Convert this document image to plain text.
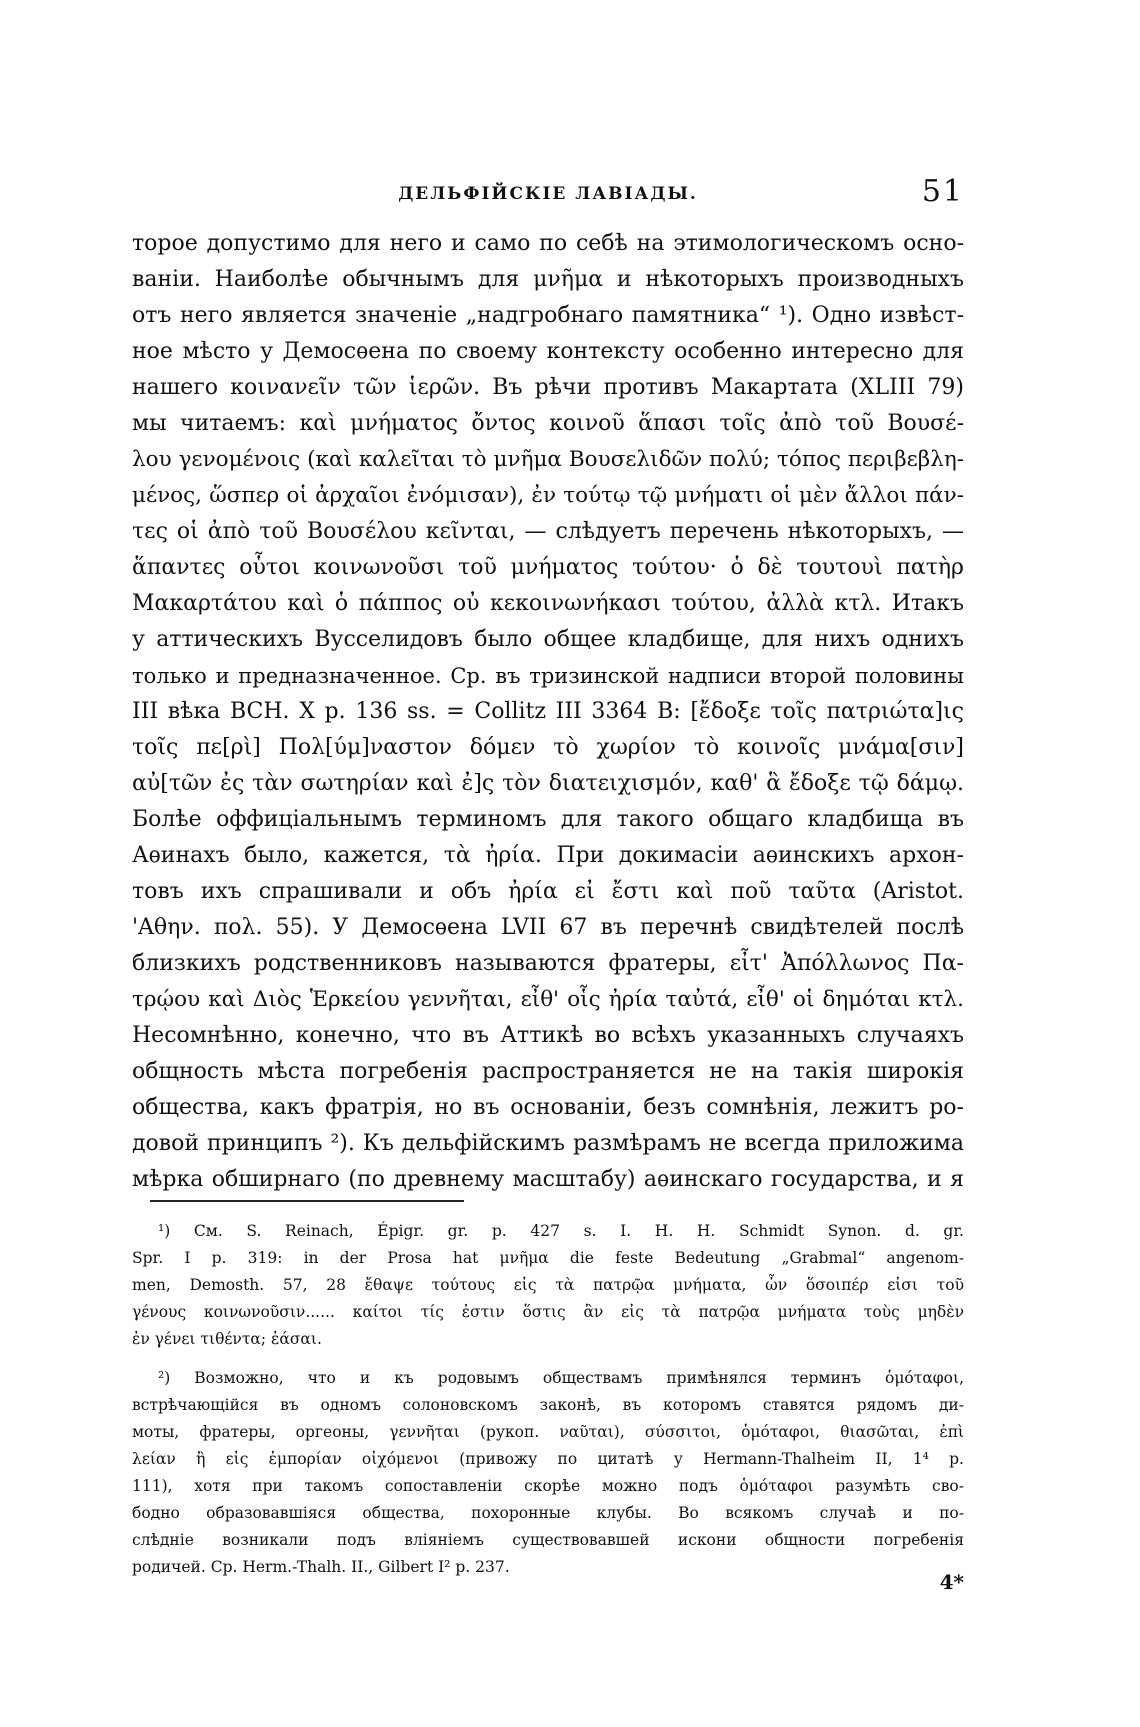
ДЕЛЬФІЙСКІЕ ЛАВІАДЫ.	51
торое допустимо для него и само по себѣ на этимологическомъ осно-
ваніи. Наиболѣе обычнымъ для μνῆμα и нѣкоторыхъ производныхъ
отъ него является значеніе „надгробнаго памятника“ ¹). Одно извѣст-
ное мѣсто у Демосѳена по своему контексту особенно интересно для
нашего κοινανεῖν τῶν ἱερῶν. Въ рѣчи противъ Макартата (XLIII 79)
мы читаемъ: καὶ μνήματος ὄντος κοινοῦ ἅπασι τοῖς ἀπὸ τοῦ Βουσέ-
λου γενομένοις (καὶ καλεῖται τὸ μνῆμα Βουσελιδῶν πολύ; τόπος περιβεβλη-
μένος, ὥσπερ οἱ ἀρχαῖοι ἐνόμισαν), ἐν τούτῳ τῷ μνήματι οἱ μὲν ἄλλοι πάν-
τες οἱ ἀπὸ τοῦ Βουσέλου κεῖνται, — слѣдуетъ перечень нѣкоторыхъ, —
ἅπαντες οὗτοι κοινωνοῦσι τοῦ μνήματος τούτου· ὁ δὲ τουτουὶ πατὴρ
Μακαρτάτου καὶ ὁ πάππος οὐ κεκοινωνήκασι τούτου, ἀλλὰ κτλ. Итакъ
у аттическихъ Вусселидовъ было общее кладбище, для нихъ однихъ
только и предназначенное. Ср. въ тризинской надписи второй половины
III вѣка BCH. X p. 136 ss. = Collitz III 3364 B: [ἔδοξε τοῖς πατριώτα]ις
τοῖς πε[ρὶ] Πολ[ύμ]ναστον δόμεν τὸ χωρίον τὸ κοινοῖς μνάμα[σιν]
αὐ[τῶν ἐς τὰν σωτηρίαν καὶ ἐ]ς τὸν διατειχισμόν, καθ' ἃ ἔδοξε τῷ δάμῳ.
Болѣе оффиціальнымъ терминомъ для такого общаго кладбища въ
Аѳинахъ было, кажется, τὰ ἠρία. При докимасіи аѳинскихъ архон-
товъ ихъ спрашивали и объ ἠρία εἰ ἔστι καὶ ποῦ ταῦτα (Aristot.
'Αθην. πολ. 55). У Демосѳена LVII 67 въ перечнѣ свидѣтелей послѣ
близкихъ родственниковъ называются фратеры, εἶτ' Ἀπόλλωνος Πα-
τρῴου καὶ Διὸς Ἑρκείου γεννῆται, εἶθ' οἷς ἠρία ταὐτά, εἶθ' οἱ δημόται κτλ.
Несомнѣнно, конечно, что въ Аттикѣ во всѣхъ указанныхъ случаяхъ
общность мѣста погребенія распространяется не на такія широкія
общества, какъ фратрія, но въ основаніи, безъ сомнѣнія, лежитъ ро-
довой принципъ ²). Къ дельфійскимъ размѣрамъ не всегда приложима
мѣрка обширнаго (по древнему масштабу) аѳинскаго государства, и я
¹) См. S. Reinach, Épigr. gr. p. 427 s. I. H. H. Schmidt Synon. d. gr.
Spr. I p. 319: in der Prosa hat μνῆμα die feste Bedeutung „Grabmal“ angenom-
men, Demosth. 57, 28 ἔθαψε τούτους εἰς τὰ πατρῷα μνήματα, ὧν ὅσοιπέρ εἰσι τοῦ
γένους κοινωνοῦσιν...... καίτοι τίς ἐστιν ὅστις ἂν εἰς τὰ πατρῷα μνήματα τοὺς μηδὲν
ἐν γένει τιθέντα; ἐάσαι.
²) Возможно, что и къ родовымъ обществамъ примѣнялся терминъ ὁμόταφοι,
встрѣчающійся въ одномъ солоновскомъ законѣ, въ которомъ ставятся рядомъ ди-
моты, фратеры, оргеоны, γεννῆται (рукоп. ναῦται), σύσσιτοι, ὁμόταφοι, θιασῶται, ἐπὶ
λείαν ἢ εἰς ἐμπορίαν οἰχόμενοι (привожу по цитатѣ у Hermann-Thalheim II, 1⁴ p.
111), хотя при такомъ сопоставленіи скорѣе можно подъ ὁμόταφοι разумѣть сво-
бодно образовавшіяся общества, похоронные клубы. Во всякомъ случаѣ и по-
слѣдніе возникали подъ вліяніемъ существовавшей искони общности погребенія
родичей. Ср. Herm.-Thalh. II., Gilbert I² p. 237.
4*
